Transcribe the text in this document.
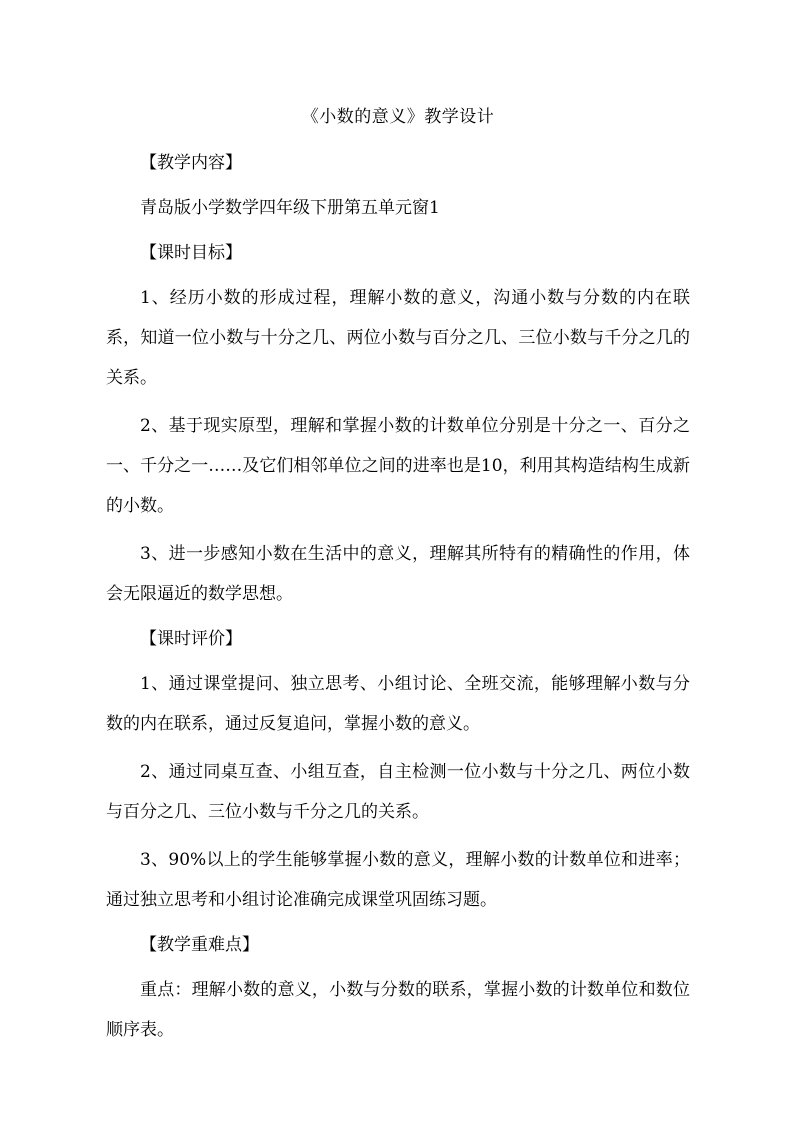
《小数的意义》教学设计
【教学内容】

青岛版小学数学四年级下册第五单元窗1

【课时目标】

1、经历小数的形成过程，理解小数的意义，沟通小数与分数的内在联系，知道一位小数与十分之几、两位小数与百分之几、三位小数与千分之几的关系。

2、基于现实原型，理解和掌握小数的计数单位分别是十分之一、百分之一、千分之一……及它们相邻单位之间的进率也是10，利用其构造结构生成新的小数。

3、进一步感知小数在生活中的意义，理解其所特有的精确性的作用，体会无限逼近的数学思想。

【课时评价】

1、通过课堂提问、独立思考、小组讨论、全班交流，能够理解小数与分数的内在联系，通过反复追问，掌握小数的意义。

2、通过同桌互查、小组互查，自主检测一位小数与十分之几、两位小数与百分之几、三位小数与千分之几的关系。

3、90%以上的学生能够掌握小数的意义，理解小数的计数单位和进率；通过独立思考和小组讨论准确完成课堂巩固练习题。

【教学重难点】

重点：理解小数的意义，小数与分数的联系，掌握小数的计数单位和数位顺序表。
